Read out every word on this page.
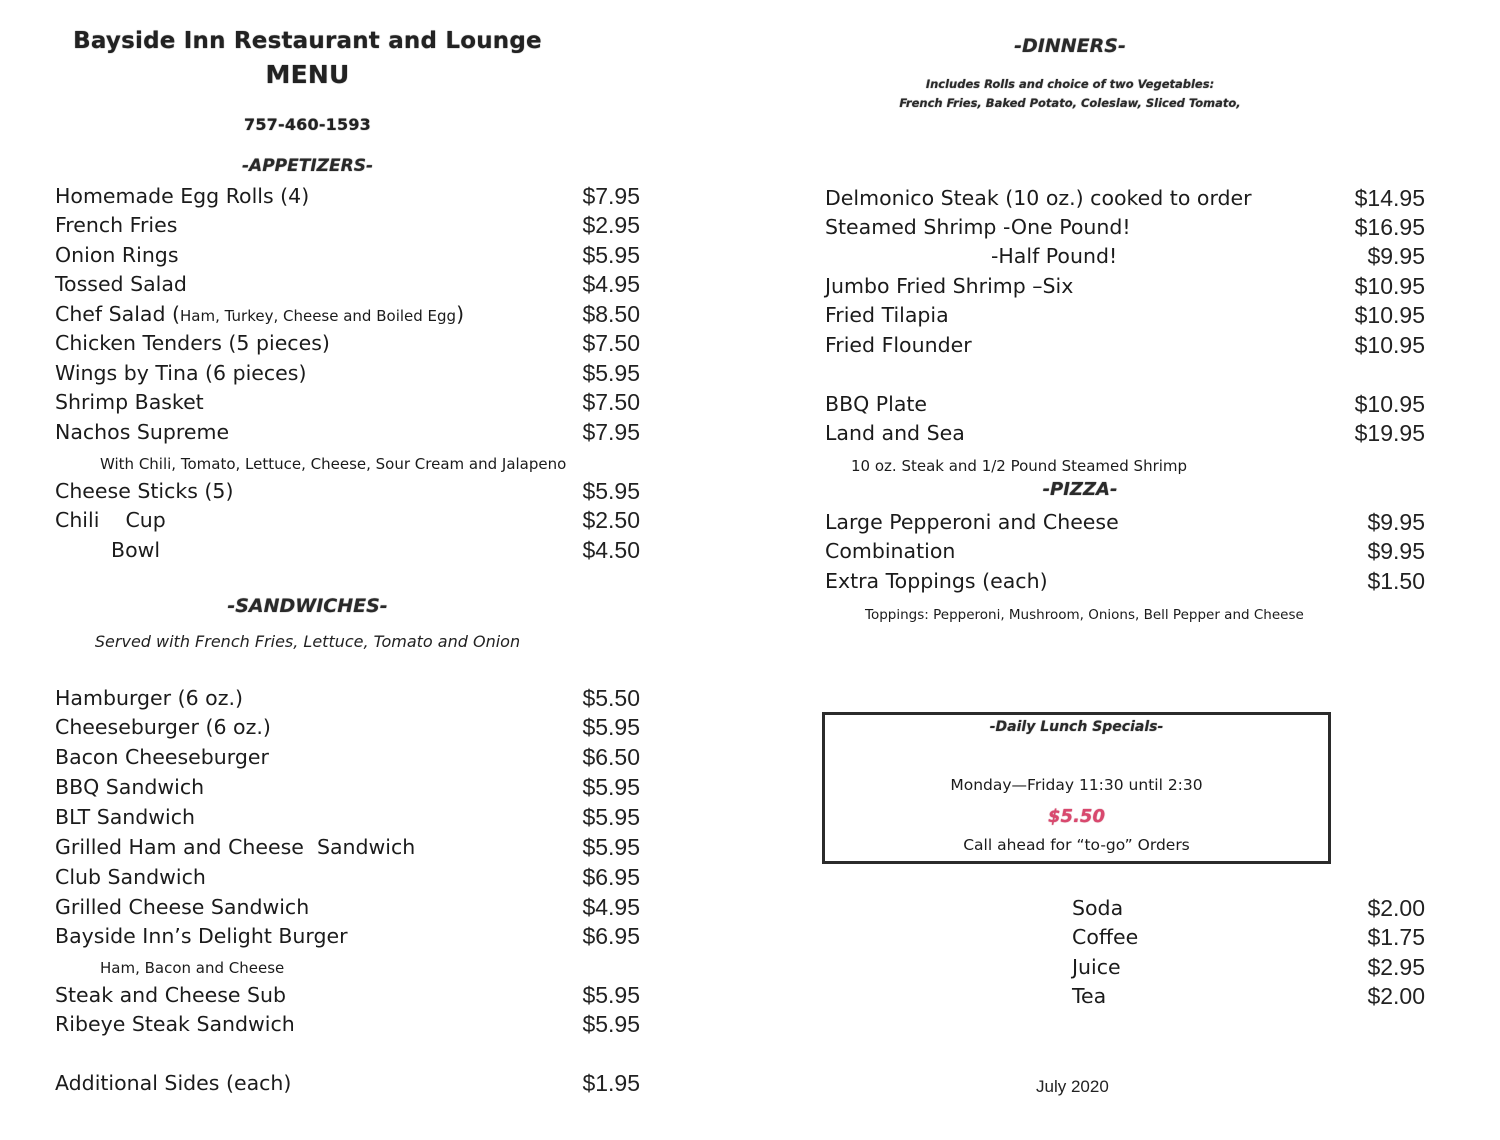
Bayside Inn Restaurant and Lounge
MENU
757-460-1593
-APPETIZERS-
Homemade Egg Rolls (4)	$7.95
French Fries	$2.95
Onion Rings	$5.95
Tossed Salad	$4.95
Chef Salad (Ham, Turkey, Cheese and Boiled Egg)	$8.50
Chicken Tenders (5 pieces)	$7.50
Wings by Tina (6 pieces)	$5.95
Shrimp Basket	$7.50
Nachos Supreme	$7.95
With Chili, Tomato, Lettuce, Cheese, Sour Cream and Jalapeno
Cheese Sticks (5)	$5.95
Chili    Cup	$2.50
Bowl	$4.50
-SANDWICHES-
Served with French Fries, Lettuce, Tomato and Onion
Hamburger (6 oz.)	$5.50
Cheeseburger (6 oz.)	$5.95
Bacon Cheeseburger	$6.50
BBQ Sandwich	$5.95
BLT Sandwich	$5.95
Grilled Ham and Cheese  Sandwich	$5.95
Club Sandwich	$6.95
Grilled Cheese Sandwich	$4.95
Bayside Inn’s Delight Burger	$6.95
Ham, Bacon and Cheese
Steak and Cheese Sub	$5.95
Ribeye Steak Sandwich	$5.95
Additional Sides (each)	$1.95
-DINNERS-
Includes Rolls and choice of two Vegetables:
French Fries, Baked Potato, Coleslaw, Sliced Tomato,
Delmonico Steak (10 oz.) cooked to order	$14.95
Steamed Shrimp -One Pound!	$16.95
-Half Pound!	$9.95
Jumbo Fried Shrimp –Six	$10.95
Fried Tilapia	$10.95
Fried Flounder	$10.95
BBQ Plate	$10.95
Land and Sea	$19.95
10 oz. Steak and 1/2 Pound Steamed Shrimp
-PIZZA-
Large Pepperoni and Cheese	$9.95
Combination	$9.95
Extra Toppings (each)	$1.50
Toppings: Pepperoni, Mushroom, Onions, Bell Pepper and Cheese
-Daily Lunch Specials-
Monday—Friday 11:30 until 2:30
$5.50
Call ahead for “to-go” Orders
Soda	$2.00
Coffee	$1.75
Juice	$2.95
Tea	$2.00
July 2020
